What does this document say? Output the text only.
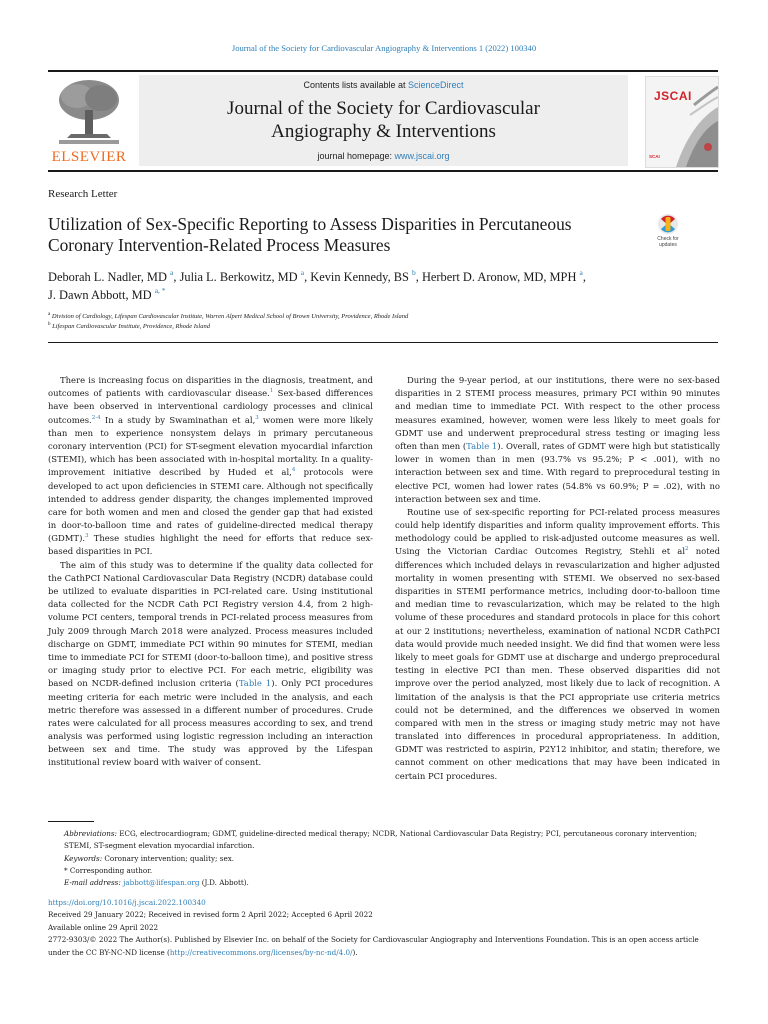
Journal of the Society for Cardiovascular Angiography & Interventions 1 (2022) 100340
ELSEVIER
Contents lists available at ScienceDirect
Journal of the Society for Cardiovascular
Angiography & Interventions
journal homepage: www.jscai.org
JSCAI
SCAI
Research Letter
Utilization of Sex-Specific Reporting to Assess Disparities in Percutaneous Coronary Intervention-Related Process Measures	Check for updates
Deborah L. Nadler, MD $^a$, Julia L. Berkowitz, MD $^a$, Kevin Kennedy, BS $^b$, Herbert D. Aronow, MD, MPH $^a$,
J. Dawn Abbott, MD $^{a, *}$
$^a$ Division of Cardiology, Lifespan Cardiovascular Institute, Warren Alpert Medical School of Brown University, Providence, Rhode Island
$^b$ Lifespan Cardiovascular Institute, Providence, Rhode Island

There is increasing focus on disparities in the diagnosis, treatment, and outcomes of patients with cardiovascular disease.$^1$ Sex-based differences have been observed in interventional cardiology processes and clinical outcomes.$^{2-4}$ In a study by Swaminathan et al,$^3$ women were more likely than men to experience nonsystem delays in primary percutaneous coronary intervention (PCI) for ST-segment elevation myocardial infarction (STEMI), which has been associated with in-hospital mortality. In a quality-improvement initiative described by Huded et al,$^4$ protocols were developed to act upon deficiencies in STEMI care. Although not specifically intended to address gender disparity, the changes implemented improved care for both women and men and closed the gender gap that had existed in door-to-balloon time and rates of guideline-directed medical therapy (GDMT).$^3$ These studies highlight the need for efforts that reduce sex-based disparities in PCI.

The aim of this study was to determine if the quality data collected for the CathPCI National Cardiovascular Data Registry (NCDR) database could be utilized to evaluate disparities in PCI-related care. Using institutional data collected for the NCDR Cath PCI Registry version 4.4, from 2 high-volume PCI centers, temporal trends in PCI-related process measures from July 2009 through March 2018 were analyzed. Process measures included discharge on GDMT, immediate PCI within 90 minutes for STEMI, median time to immediate PCI for STEMI (door-to-balloon time), and positive stress or imaging study prior to elective PCI. For each metric, eligibility was based on NCDR-defined inclusion criteria (Table 1). Only PCI procedures meeting criteria for each metric were included in the analysis, and each metric therefore was assessed in a different number of procedures. Crude rates were calculated for all process measures according to sex, and trend analysis was performed using logistic regression including an interaction between sex and time. The study was approved by the Lifespan institutional review board with waiver of consent.

During the 9-year period, at our institutions, there were no sex-based disparities in 2 STEMI process measures, primary PCI within 90 minutes and median time to immediate PCI. With respect to the other process measures examined, however, women were less likely to meet goals for GDMT use and underwent preprocedural stress testing or imaging less often than men (Table 1). Overall, rates of GDMT were high but statistically lower in women than in men (93.7% vs 95.2%; P < .001), with no interaction between sex and time. With regard to preprocedural testing in elective PCI, women had lower rates (54.8% vs 60.9%; P = .02), with no interaction between sex and time.

Routine use of sex-specific reporting for PCI-related process measures could help identify disparities and inform quality improvement efforts. This methodology could be applied to risk-adjusted outcome measures as well. Using the Victorian Cardiac Outcomes Registry, Stehli et $al^2$ noted differences which included delays in revascularization and higher adjusted mortality in women presenting with STEMI. We observed no sex-based disparities in STEMI performance metrics, including door-to-balloon time and median time to revascularization, which may be related to the high volume of these procedures and standard protocols in place for this cohort at our 2 institutions; nevertheless, examination of national NCDR CathPCI data would provide much needed insight. We did find that women were less likely to meet goals for GDMT use at discharge and undergo preprocedural testing in elective PCI than men. These observed disparities did not improve over the period analyzed, most likely due to lack of recognition. A limitation of the analysis is that the PCI appropriate use criteria metrics could not be determined, and the differences we observed in women compared with men in the stress or imaging study metric may not have translated into differences in procedural appropriateness. In addition, GDMT was restricted to aspirin, P2Y12 inhibitor, and statin; therefore, we cannot comment on other medications that may have been indicated in certain PCI procedures.

Abbreviations: ECG, electrocardiogram; GDMT, guideline-directed medical therapy; NCDR, National Cardiovascular Data Registry; PCI, percutaneous coronary intervention; STEMI, ST-segment elevation myocardial infarction.

Keywords: Coronary intervention; quality; sex.

* Corresponding author.

E-mail address: jabbott@lifespan.org (J.D. Abbott).

https://doi.org/10.1016/j.jscai.2022.100340

Received 29 January 2022; Received in revised form 2 April 2022; Accepted 6 April 2022

Available online 29 April 2022

2772-9303/© 2022 The Author(s). Published by Elsevier Inc. on behalf of the Society for Cardiovascular Angiography and Interventions Foundation. This is an open access article under the CC BY-NC-ND license (http://creativecommons.org/licenses/by-nc-nd/4.0/).
